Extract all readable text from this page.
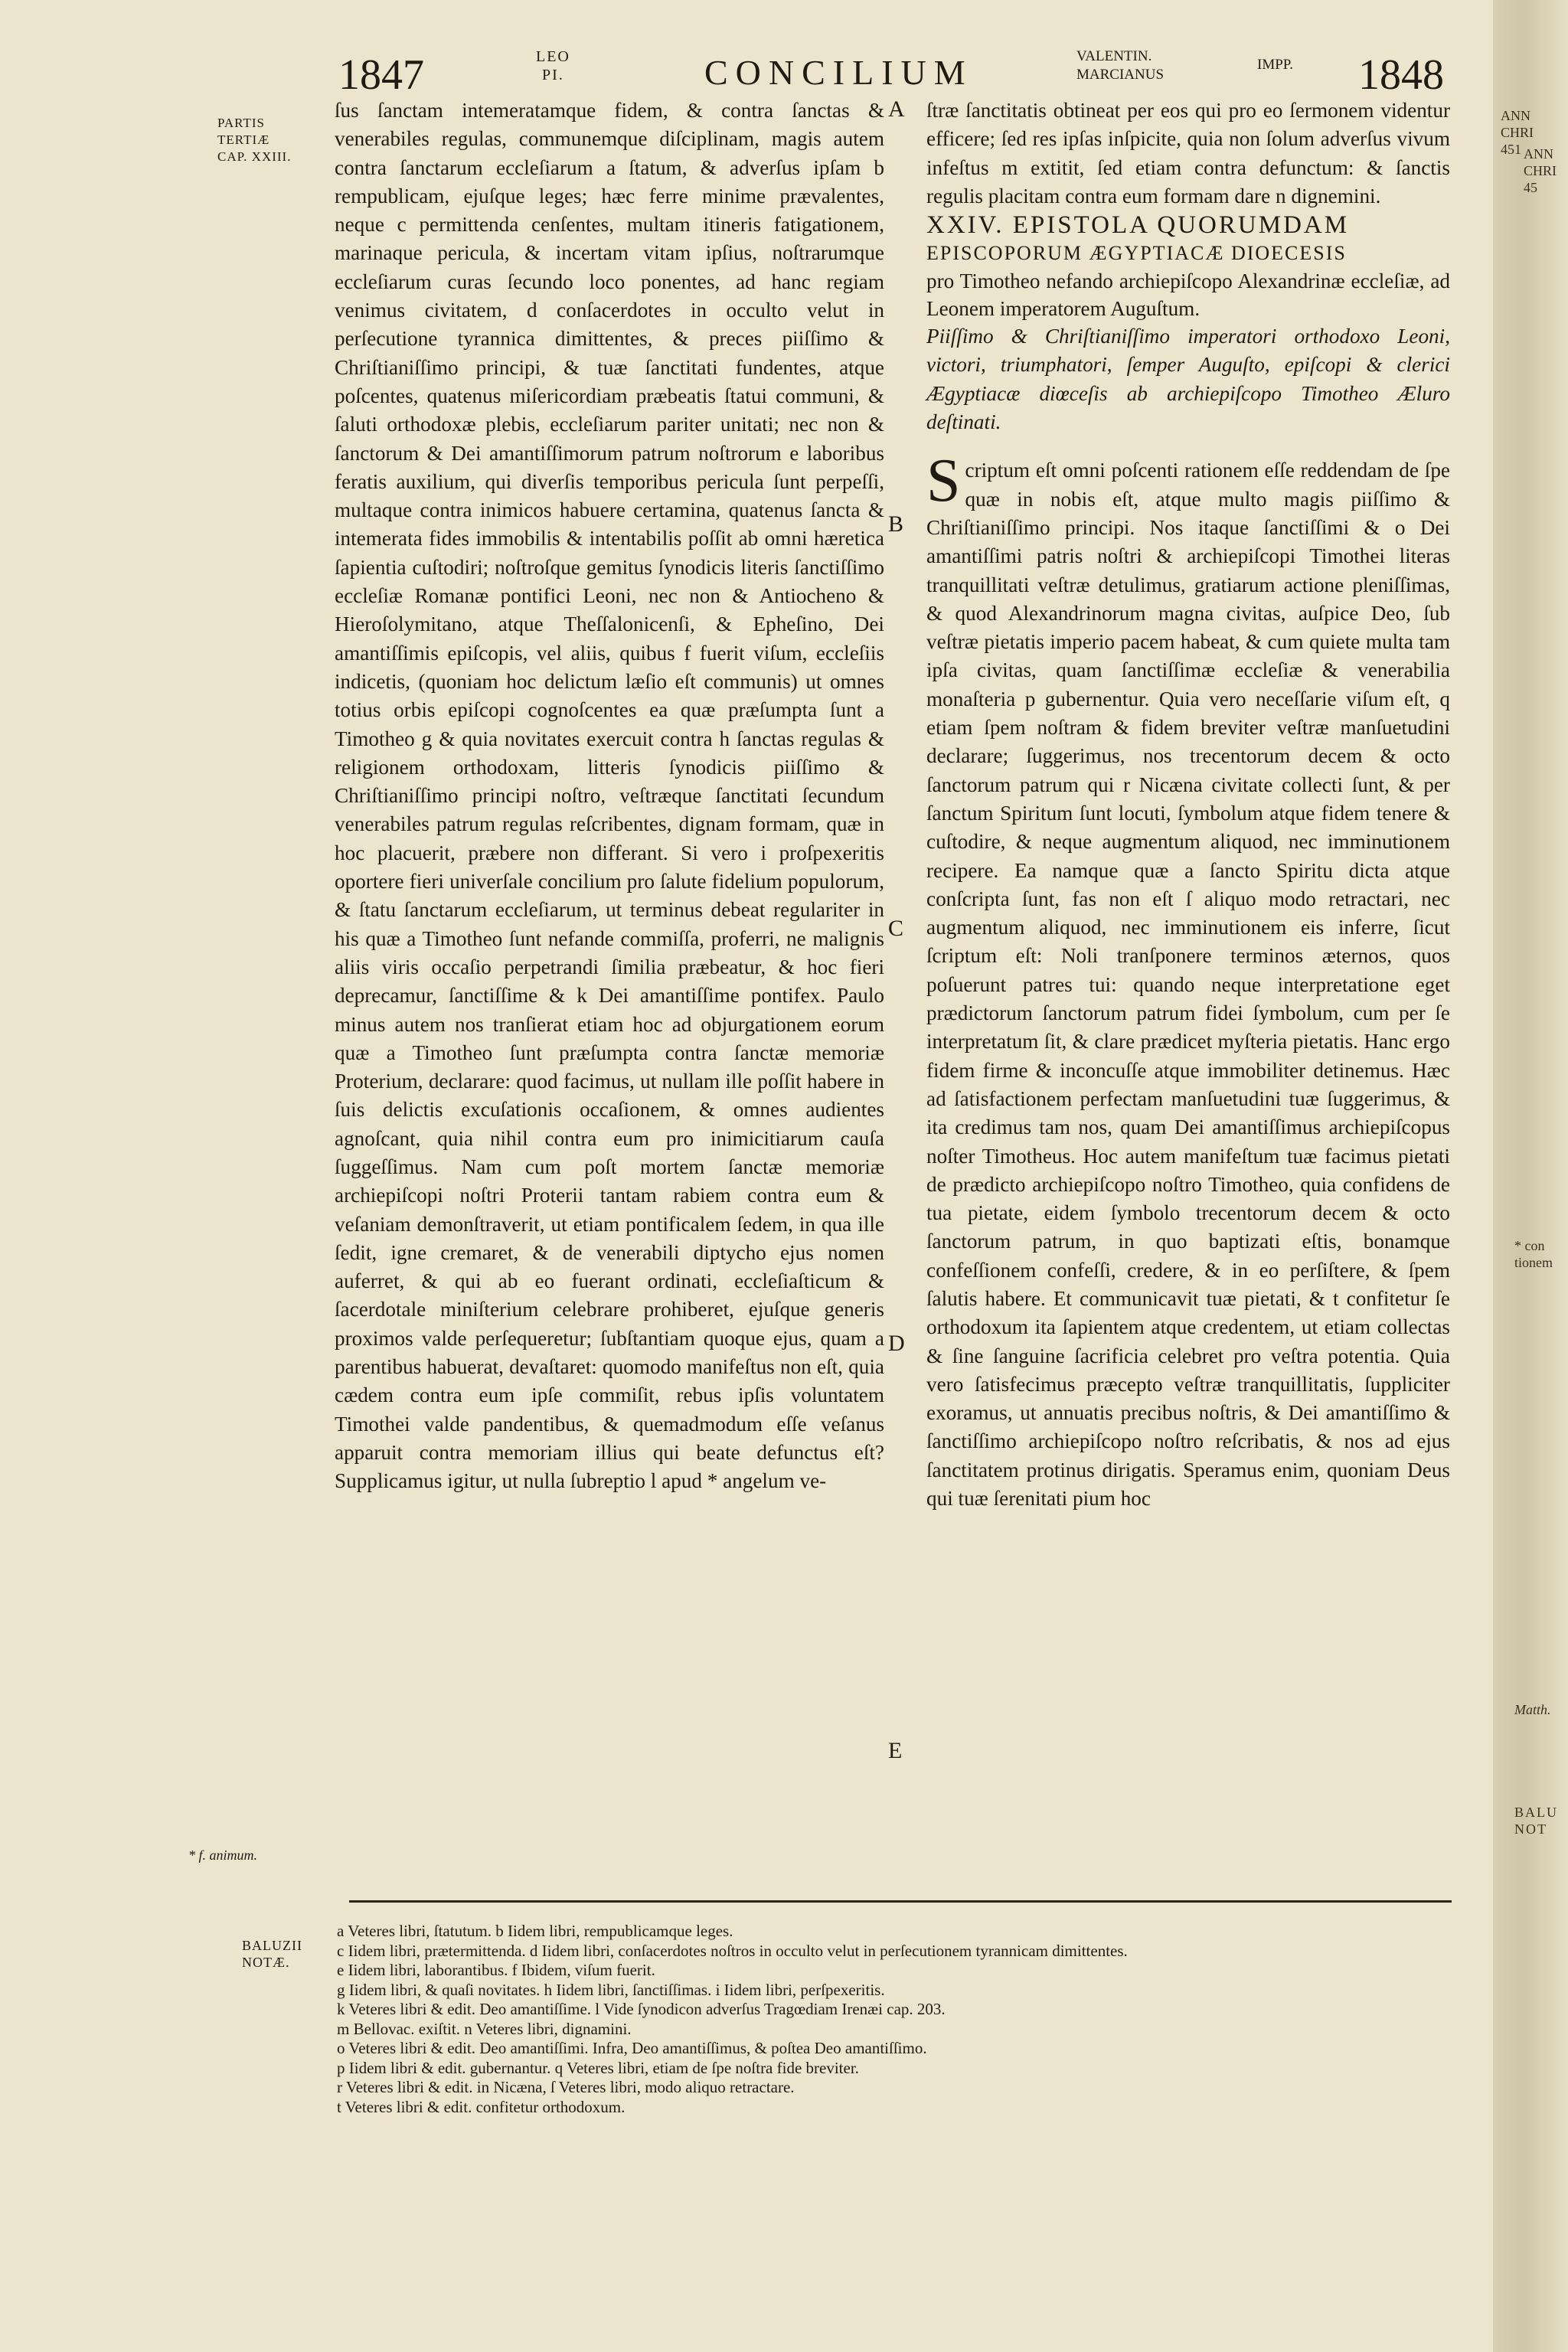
1847	LEO
PI.	CONCILIUM	VALENTIN.
MARCIANUS
IMPP. 1848
PARTIS
TERTIÆ
CAP. XXIII.
* f. animum.

ſus ſanctam intemeratamque fidem, & contra ſanctas & venerabiles regulas, communemque diſciplinam, magis autem contra ſanctarum eccleſiarum a ſtatum, & adverſus ipſam b rempublicam, ejuſque leges; hæc ferre minime prævalentes, neque c permittenda cenſentes, multam itineris fatigationem, marinaque pericula, & incertam vitam ipſius, noſtrarumque eccleſiarum curas ſecundo loco ponentes, ad hanc regiam venimus civitatem, d conſacerdotes in occulto velut in perſecutione tyrannica dimittentes, & preces piiſſimo & Chriſtianiſſimo principi, & tuæ ſanctitati fundentes, atque poſcentes, quatenus miſericordiam præbeatis ſtatui communi, & ſaluti orthodoxæ plebis, eccleſiarum pariter unitati; nec non & ſanctorum & Dei amantiſſimorum patrum noſtrorum e laboribus feratis auxilium, qui diverſis temporibus pericula ſunt perpeſſi, multaque contra inimicos habuere certamina, quatenus ſancta & intemerata fides immobilis & intentabilis poſſit ab omni hæretica ſapientia cuſtodiri; noſtroſque gemitus ſynodicis literis ſanctiſſimo eccleſiæ Romanæ pontifici Leoni, nec non & Antiocheno & Hieroſolymitano, atque Theſſalonicenſi, & Epheſino, Dei amantiſſimis epiſcopis, vel aliis, quibus f fuerit viſum, eccleſiis indicetis, (quoniam hoc delictum læſio eſt communis) ut omnes totius orbis epiſcopi cognoſcentes ea quæ præſumpta ſunt a Timotheo g & quia novitates exercuit contra h ſanctas regulas & religionem orthodoxam, litteris ſynodicis piiſſimo & Chriſtianiſſimo principi noſtro, veſtræque ſanctitati ſecundum venerabiles patrum regulas reſcribentes, dignam formam, quæ in hoc placuerit, præbere non differant. Si vero i proſpexeritis oportere fieri univerſale concilium pro ſalute fidelium populorum, & ſtatu ſanctarum eccleſiarum, ut terminus debeat regulariter in his quæ a Timotheo ſunt nefande commiſſa, proferri, ne malignis aliis viris occaſio perpetrandi ſimilia præbeatur, & hoc fieri deprecamur, ſanctiſſime & k Dei amantiſſime pontifex. Paulo minus autem nos tranſierat etiam hoc ad objurgationem eorum quæ a Timotheo ſunt præſumpta contra ſanctæ memoriæ Proterium, declarare: quod facimus, ut nullam ille poſſit habere in ſuis delictis excuſationis occaſionem, & omnes audientes agnoſcant, quia nihil contra eum pro inimicitiarum cauſa ſuggeſſimus. Nam cum poſt mortem ſanctæ memoriæ archiepiſcopi noſtri Proterii tantam rabiem contra eum & veſaniam demonſtraverit, ut etiam pontificalem ſedem, in qua ille ſedit, igne cremaret, & de venerabili diptycho ejus nomen auferret, & qui ab eo fuerant ordinati, eccleſiaſticum & ſacerdotale miniſterium celebrare prohiberet, ejuſque generis proximos valde perſequeretur; ſubſtantiam quoque ejus, quam a parentibus habuerat, devaſtaret: quomodo manifeſtus non eſt, quia cædem contra eum ipſe commiſit, rebus ipſis voluntatem Timothei valde pandentibus, & quemadmodum eſſe veſanus apparuit contra memoriam illius qui beate defunctus eſt? Supplicamus igitur, ut nulla ſubreptio l apud * angelum ve-

A
B
C
D
E

ſtræ ſanctitatis obtineat per eos qui pro eo ſermonem videntur efficere; ſed res ipſas inſpicite, quia non ſolum adverſus vivum infeſtus m extitit, ſed etiam contra defunctum: & ſanctis regulis placitam contra eum formam dare n dignemini.

XXIV. EPISTOLA QUORUMDAM

EPISCOPORUM ÆGYPTIACÆ DIOECESIS

pro Timotheo nefando archiepiſcopo Alexandrinæ eccleſiæ, ad Leonem imperatorem Auguſtum.

Piiſſimo & Chriſtianiſſimo imperatori orthodoxo Leoni, victori, triumphatori, ſemper Auguſto, epiſcopi & clerici Ægyptiacæ diœceſis ab archiepiſcopo Timotheo Æluro deſtinati.

Scriptum eſt omni poſcenti rationem eſſe reddendam de ſpe quæ in nobis eſt, atque multo magis piiſſimo & Chriſtianiſſimo principi. Nos itaque ſanctiſſimi & o Dei amantiſſimi patris noſtri & archiepiſcopi Timothei literas tranquillitati veſtræ detulimus, gratiarum actione pleniſſimas, & quod Alexandrinorum magna civitas, auſpice Deo, ſub veſtræ pietatis imperio pacem habeat, & cum quiete multa tam ipſa civitas, quam ſanctiſſimæ eccleſiæ & venerabilia monaſteria p gubernentur. Quia vero neceſſarie viſum eſt, q etiam ſpem noſtram & fidem breviter veſtræ manſuetudini declarare; ſuggerimus, nos trecentorum decem & octo ſanctorum patrum qui r Nicæna civitate collecti ſunt, & per ſanctum Spiritum ſunt locuti, ſymbolum atque fidem tenere & cuſtodire, & neque augmentum aliquod, nec imminutionem recipere. Ea namque quæ a ſancto Spiritu dicta atque conſcripta ſunt, fas non eſt ſ aliquo modo retractari, nec augmentum aliquod, nec imminutionem eis inferre, ſicut ſcriptum eſt: Noli tranſponere terminos æternos, quos poſuerunt patres tui: quando neque interpretatione eget prædictorum ſanctorum patrum fidei ſymbolum, cum per ſe interpretatum ſit, & clare prædicet myſteria pietatis. Hanc ergo fidem firme & inconcuſſe atque immobiliter detinemus. Hæc ad ſatisfactionem perfectam manſuetudini tuæ ſuggerimus, & ita credimus tam nos, quam Dei amantiſſimus archiepiſcopus noſter Timotheus. Hoc autem manifeſtum tuæ facimus pietati de prædicto archiepiſcopo noſtro Timotheo, quia confidens de tua pietate, eidem ſymbolo trecentorum decem & octo ſanctorum patrum, in quo baptizati eſtis, bonamque confeſſionem confeſſi, credere, & in eo perſiſtere, & ſpem ſalutis habere. Et communicavit tuæ pietati, & t confitetur ſe orthodoxum ita ſapientem atque credentem, ut etiam collectas & ſine ſanguine ſacrificia celebret pro veſtra potentia. Quia vero ſatisfecimus præcepto veſtræ tranquillitatis, ſuppliciter exoramus, ut annuatis precibus noſtris, & Dei amantiſſimo & ſanctiſſimo archiepiſcopo noſtro reſcribatis, & nos ad ejus ſanctitatem protinus dirigatis. Speramus enim, quoniam Deus qui tuæ ſerenitati pium hoc

ANN
CHRI
451 ANN
CHRI
45
* con
tionem
Matth.
BALU
NOT
BALUZII
NOTÆ.
a Veteres libri, ſtatutum. b Iidem libri, rempublicamque leges.
c Iidem libri, prætermittenda. d Iidem libri, conſacerdotes noſtros in occulto velut in perſecutionem tyrannicam dimittentes.
e Iidem libri, laborantibus. f Ibidem, viſum fuerit.
g Iidem libri, & quaſi novitates. h Iidem libri, ſanctiſſimas. i Iidem libri, perſpexeritis.
k Veteres libri & edit. Deo amantiſſime. l Vide ſynodicon adverſus Tragœdiam Irenæi cap. 203.
m Bellovac. exiſtit. n Veteres libri, dignamini.
o Veteres libri & edit. Deo amantiſſimi. Infra, Deo amantiſſimus, & poſtea Deo amantiſſimo.
p Iidem libri & edit. gubernantur. q Veteres libri, etiam de ſpe noſtra fide breviter.
r Veteres libri & edit. in Nicæna, ſ Veteres libri, modo aliquo retractare.
t Veteres libri & edit. confitetur orthodoxum.
